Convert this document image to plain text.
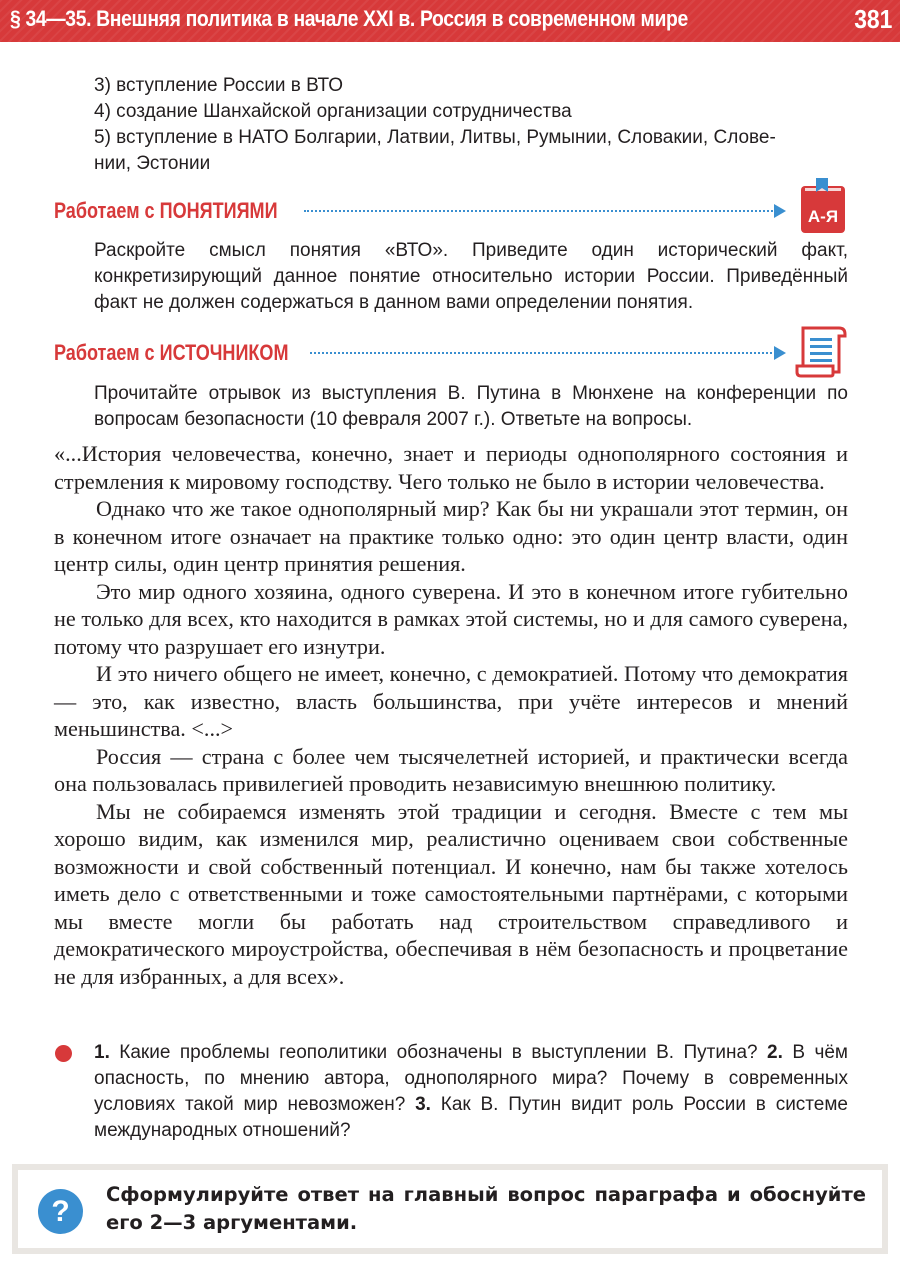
§ 34—35. Внешняя политика в начале XXI в. Россия в современном мире	381
3) вступление России в ВТО
4) создание Шанхайской организации сотрудничества
5) вступление в НАТО Болгарии, Латвии, Литвы, Румынии, Словакии, Слове-
нии, Эстонии
Работаем с ПОНЯТИЯМИ	А-Я
Раскройте смысл понятия «ВТО». Приведите один исторический факт, конкретизирующий данное понятие относительно истории России. Приведённый факт не должен содержаться в данном вами определении понятия.
Работаем с ИСТОЧНИКОМ
Прочитайте отрывок из выступления В. Путина в Мюнхене на конференции по вопросам безопасности (10 февраля 2007 г.). Ответьте на вопросы.

«...История человечества, конечно, знает и периоды однополярного состояния и стремления к мировому господству. Чего только не было в истории человечества.

Однако что же такое однополярный мир? Как бы ни украшали этот термин, он в конечном итоге означает на практике только одно: это один центр власти, один центр силы, один центр принятия решения.

Это мир одного хозяина, одного суверена. И это в конечном итоге губительно не только для всех, кто находится в рамках этой системы, но и для самого суверена, потому что разрушает его изнутри.

И это ничего общего не имеет, конечно, с демократией. Потому что демократия — это, как известно, власть большинства, при учёте интересов и мнений меньшинства. <...>

Россия — страна с более чем тысячелетней историей, и практически всегда она пользовалась привилегией проводить независимую внешнюю политику.

Мы не собираемся изменять этой традиции и сегодня. Вместе с тем мы хорошо видим, как изменился мир, реалистично оцениваем свои собственные возможности и свой собственный потенциал. И конечно, нам бы также хотелось иметь дело с ответственными и тоже самостоятельными партнёрами, с которыми мы вместе могли бы работать над строительством справедливого и демократического мироустройства, обеспечивая в нём безопасность и процветание не для избранных, а для всех».

1. Какие проблемы геополитики обозначены в выступлении В. Путина? 2. В чём опасность, по мнению автора, однополярного мира? Почему в современных условиях такой мир невозможен? 3. Как В. Путин видит роль России в системе международных отношений?
?
Сформулируйте ответ на главный вопрос параграфа и обоснуйте его 2—3 аргументами.
